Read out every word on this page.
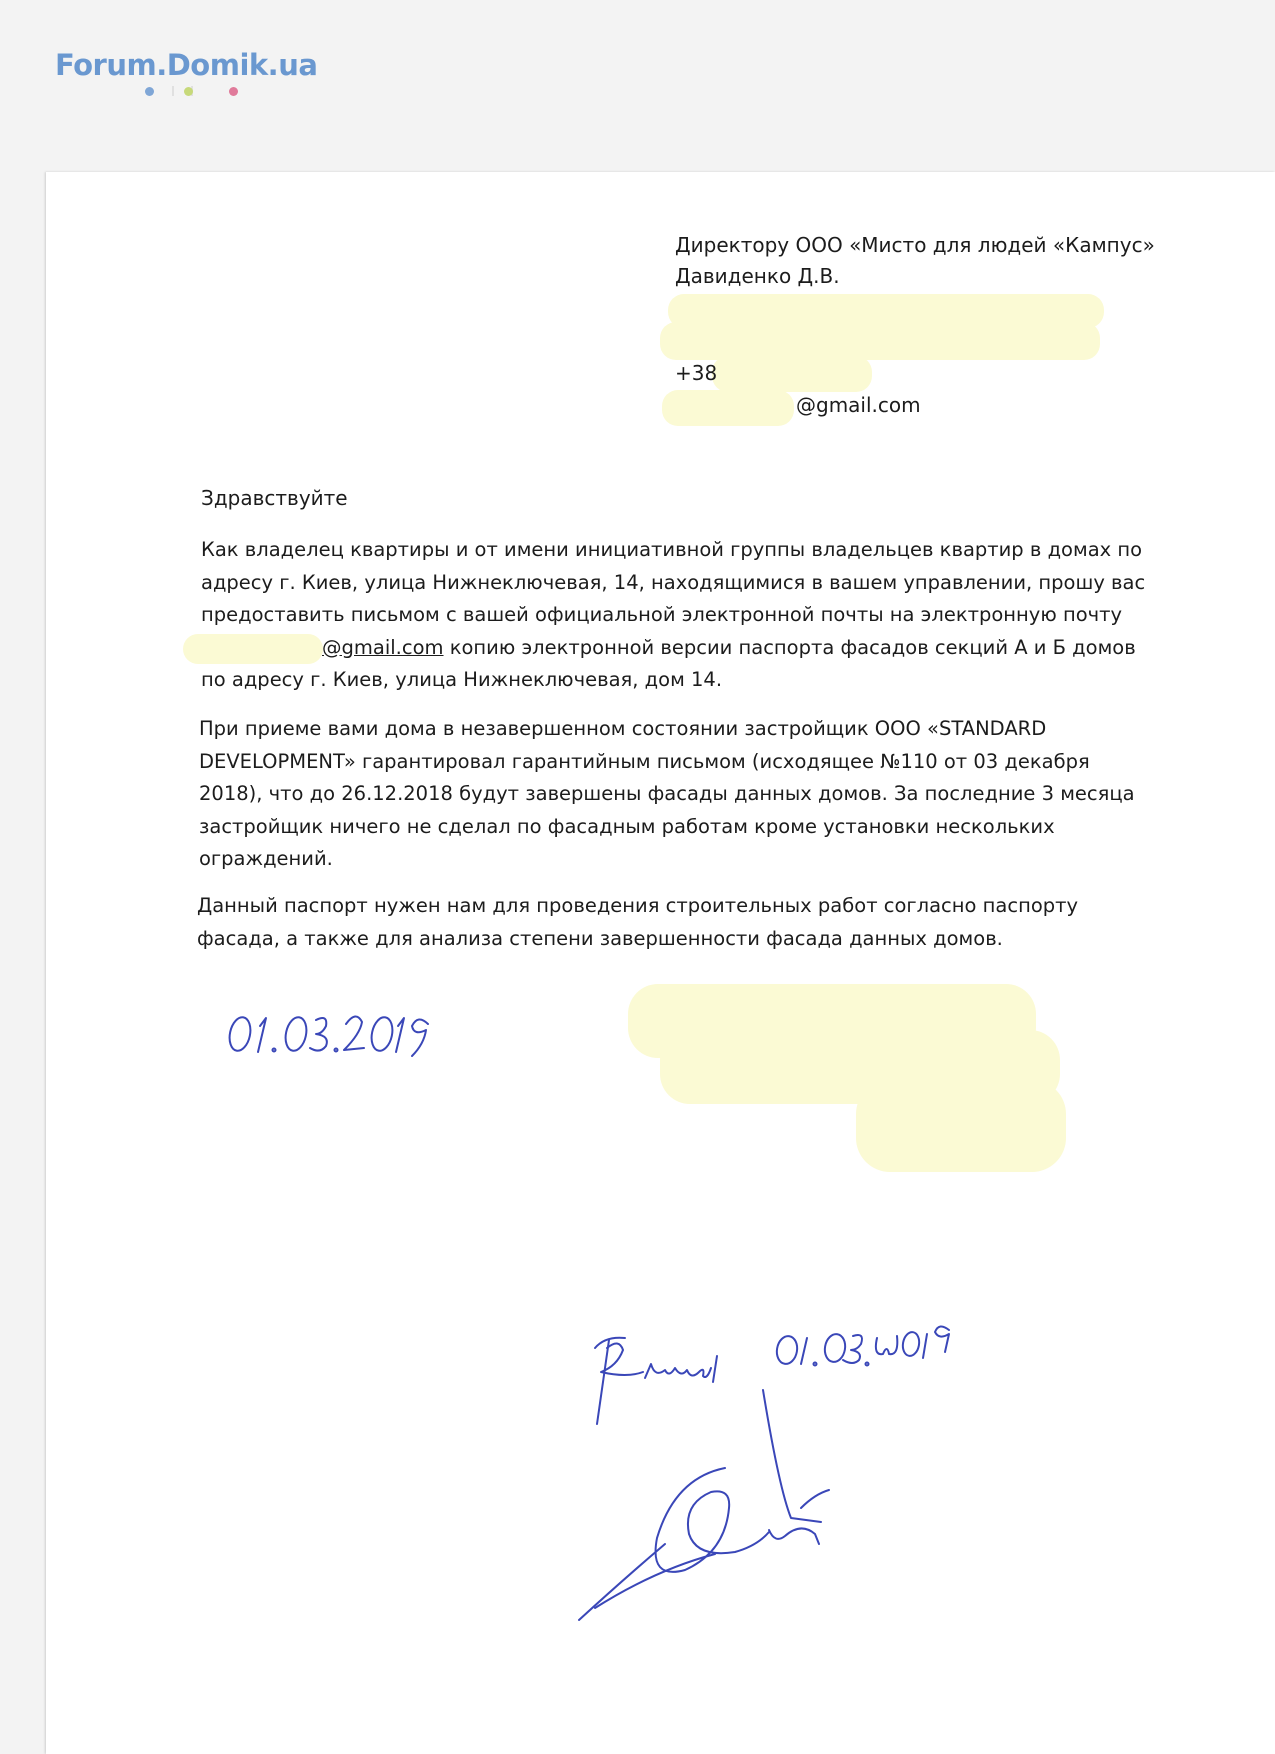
Forum.Domik.ua
Директору ООО «Мисто для людей «Кампус»
Давиденко Д.В.
+38
@gmail.com
Здравствуйте
Как владелец квартиры и от имени инициативной группы владельцев квартир в домах по
адресу г. Киев, улица Нижнеключевая, 14, находящимися в вашем управлении, прошу вас
предоставить письмом с вашей официальной электронной почты на электронную почту
@gmail.com копию электронной версии паспорта фасадов секций А и Б домов
по адресу г. Киев, улица Нижнеключевая, дом 14.
При приеме вами дома в незавершенном состоянии застройщик ООО «STANDARD
DEVELOPMENT» гарантировал гарантийным письмом (исходящее №110 от 03 декабря
2018), что до 26.12.2018 будут завершены фасады данных домов. За последние 3 месяца
застройщик ничего не сделал по фасадным работам кроме установки нескольких
ограждений.
Данный паспорт нужен нам для проведения строительных работ согласно паспорту
фасада, а также для анализа степени завершенности фасада данных домов.
